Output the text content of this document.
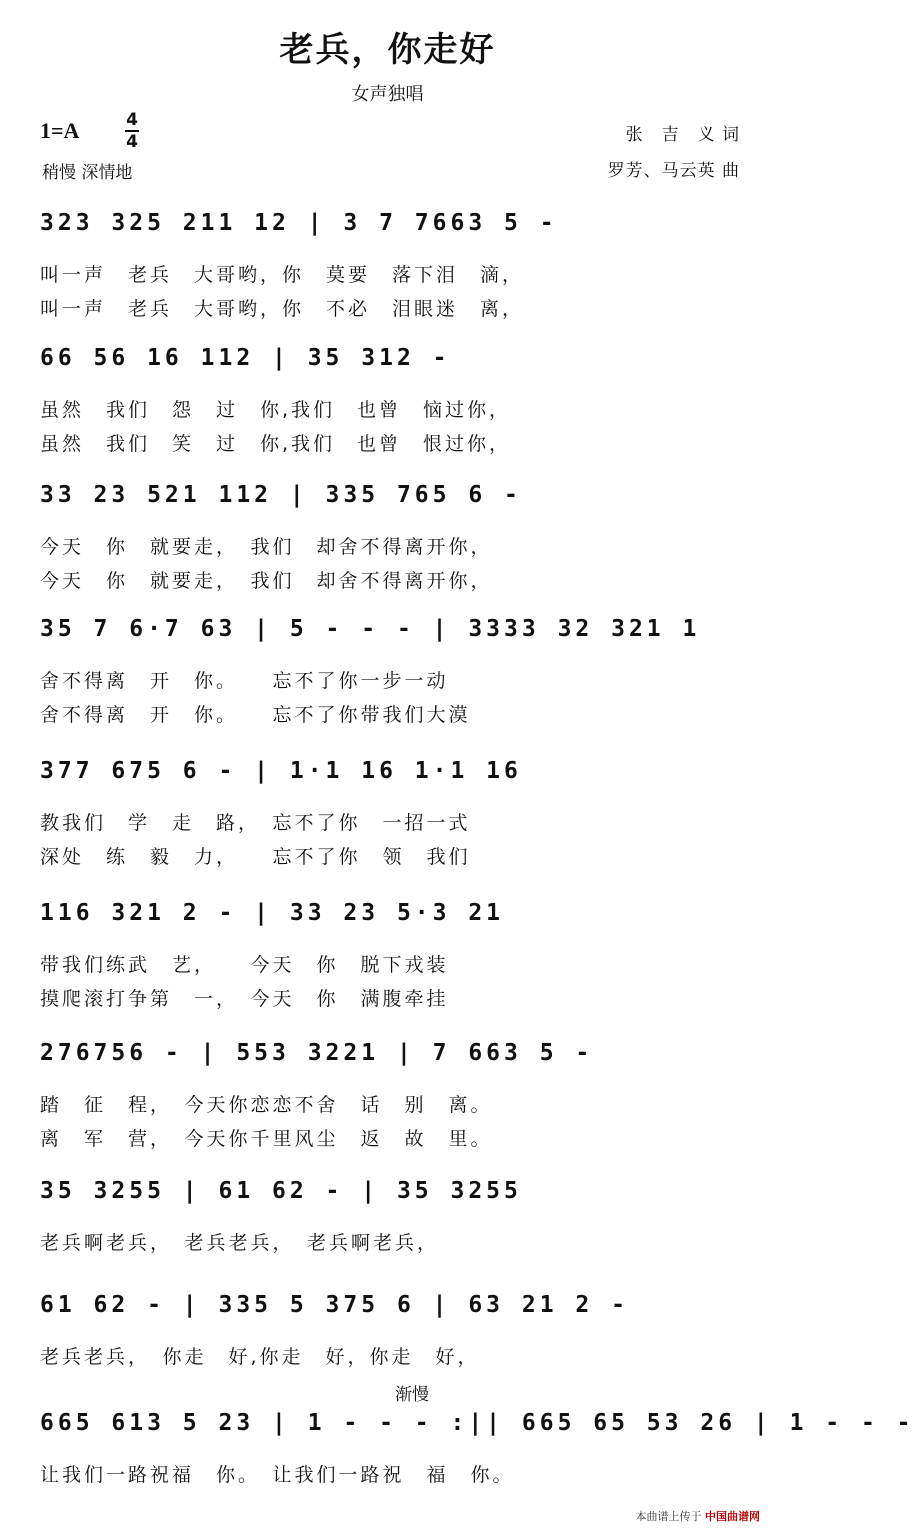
老兵，你走好
女声独唱
1=A	4
4
稍慢 深情地
张　吉　义 词
罗芳、马云英 曲
323 325 211 12 | 3 7 7663 5 -
叫一声　老兵　大哥哟，你　莫要　落下泪　滴，
叫一声　老兵　大哥哟，你　不必　泪眼迷　离，
66 56 16 112 | 35 312 -
虽然　我们　怨　过　你,我们　也曾　恼过你，
虽然　我们　笑　过　你,我们　也曾　恨过你，
33 23 521 112 | 335 765 6 -
今天　你　就要走，　我们　却舍不得离开你，
今天　你　就要走，　我们　却舍不得离开你，
35 7 6·7 63 | 5 - - - | 3333 32 321 1
舍不得离　开　你。　　忘不了你一步一动
舍不得离　开　你。　　忘不了你带我们大漠
377 675 6 - | 1·1 16 1·1 16
教我们　学　走　路，　忘不了你　一招一式
深处　练　毅　力，　　忘不了你　领　我们
116 321 2 - | 33 23 5·3 21
带我们练武　艺，　　今天　你　脱下戎装
摸爬滚打争第　一，　今天　你　满腹牵挂
276756 - | 553 3221 | 7 663 5 -
踏　征　程，　今天你恋恋不舍　话　别　离。
离　军　营，　今天你千里风尘　返　故　里。
35 3255 | 61 62 - | 35 3255
老兵啊老兵，　老兵老兵，　老兵啊老兵，
61 62 - | 335 5 375 6 | 63 21 2 -
老兵老兵，　你走　好,你走　好，你走　好，
渐慢
665 613 5 23 | 1 - - - :|| 665 65 53 26 | 1 - - -
让我们一路祝福　你。　让我们一路祝　福　你。
本曲谱上传于 中国曲谱网
